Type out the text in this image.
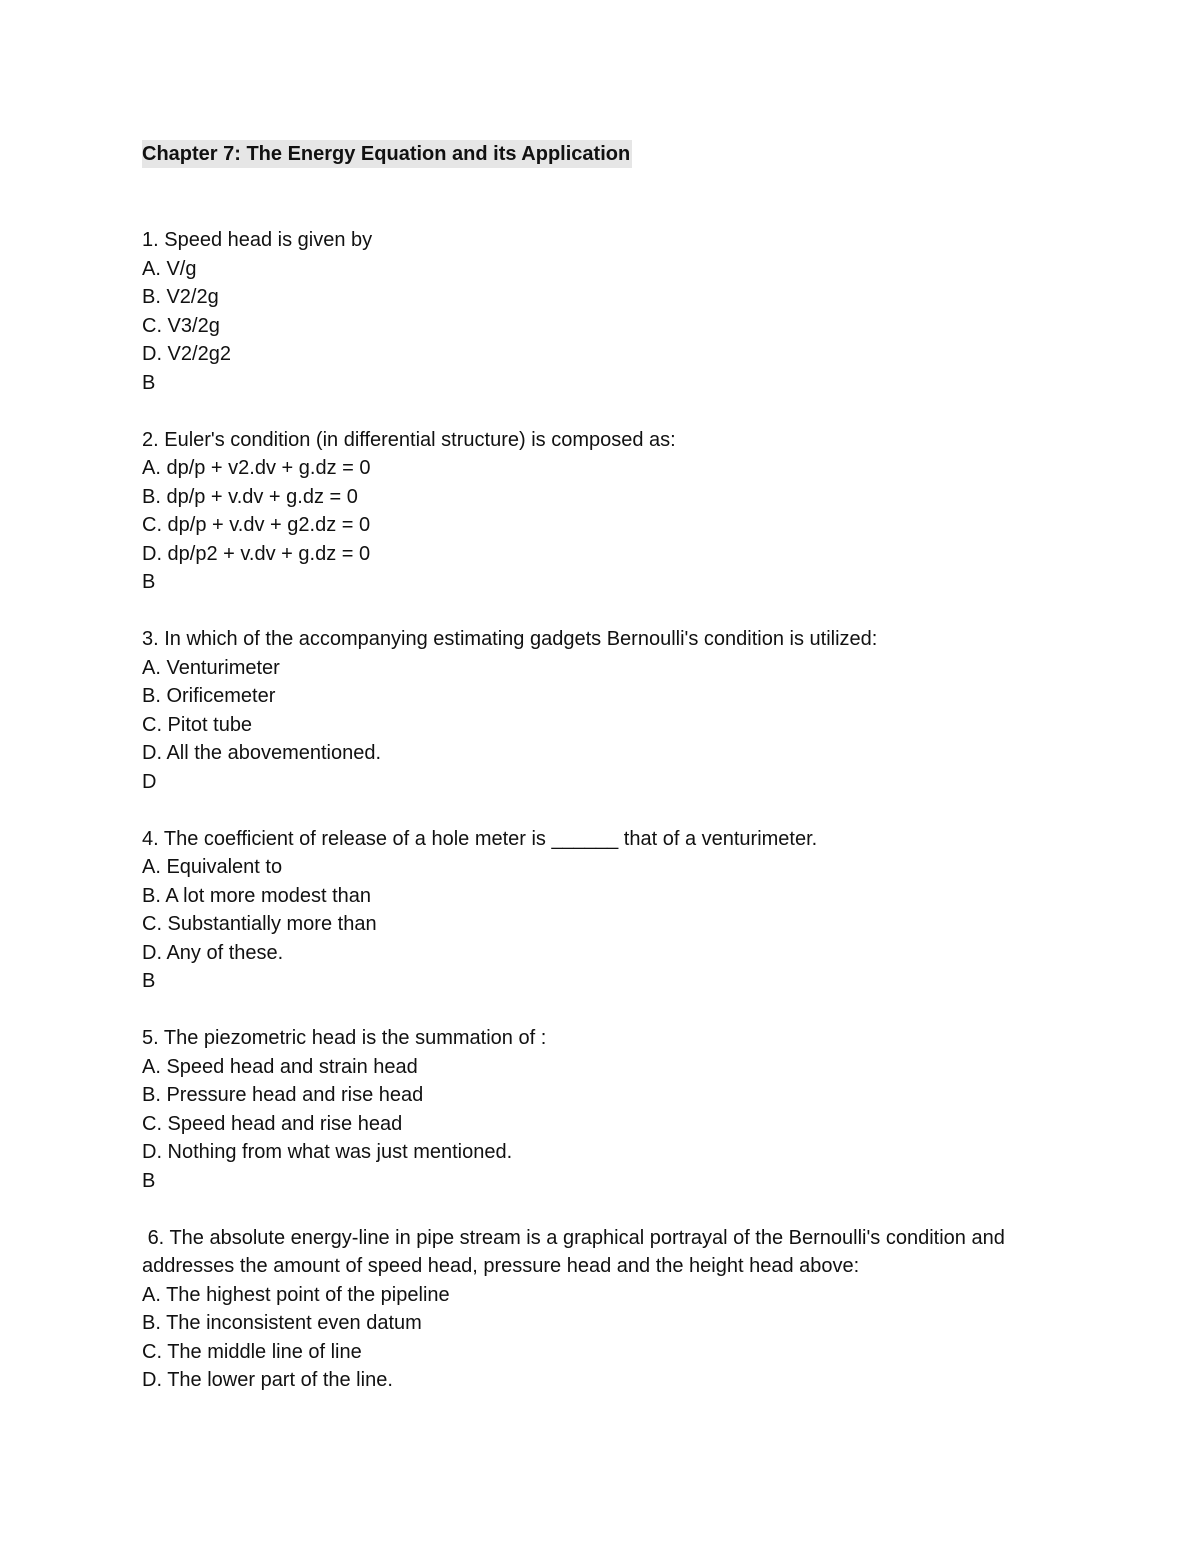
Chapter 7: The Energy Equation and its Application
1. Speed head is given by
A. V/g
B. V2/2g
C. V3/2g
D. V2/2g2
B
2. Euler's condition (in differential structure) is composed as:
A. dp/p + v2.dv + g.dz = 0
B. dp/p + v.dv + g.dz = 0
C. dp/p + v.dv + g2.dz = 0
D. dp/p2 + v.dv + g.dz = 0
B
3. In which of the accompanying estimating gadgets Bernoulli's condition is utilized:
A. Venturimeter
B. Orificemeter
C. Pitot tube
D. All the abovementioned.
D
4. The coefficient of release of a hole meter is ______ that of a venturimeter.
A. Equivalent to
B. A lot more modest than
C. Substantially more than
D. Any of these.
B
5. The piezometric head is the summation of :
A. Speed head and strain head
B. Pressure head and rise head
C. Speed head and rise head
D. Nothing from what was just mentioned.
B
6. The absolute energy-line in pipe stream is a graphical portrayal of the Bernoulli's condition and addresses the amount of speed head, pressure head and the height head above:
A. The highest point of the pipeline
B. The inconsistent even datum
C. The middle line of line
D. The lower part of the line.
